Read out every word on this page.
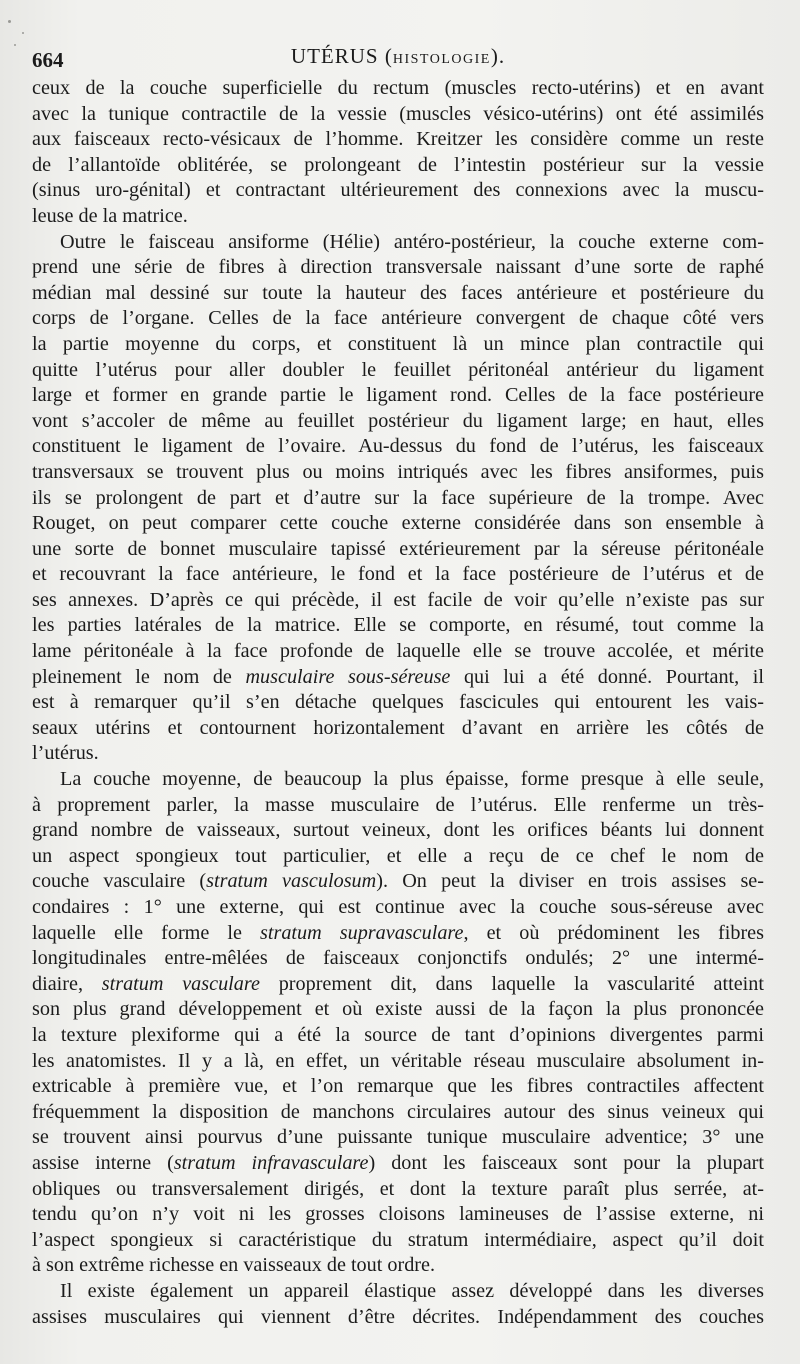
664	UTÉRUS (HISTOLOGIE).
ceux de la couche superficielle du rectum (muscles recto-utérins) et en avant
avec la tunique contractile de la vessie (muscles vésico-utérins) ont été assimilés
aux faisceaux recto-vésicaux de l’homme. Kreitzer les considère comme un reste
de l’allantoïde oblitérée, se prolongeant de l’intestin postérieur sur la vessie
(sinus uro-génital) et contractant ultérieurement des connexions avec la muscu-
leuse de la matrice.
Outre le faisceau ansiforme (Hélie) antéro-postérieur, la couche externe com-
prend une série de fibres à direction transversale naissant d’une sorte de raphé
médian mal dessiné sur toute la hauteur des faces antérieure et postérieure du
corps de l’organe. Celles de la face antérieure convergent de chaque côté vers
la partie moyenne du corps, et constituent là un mince plan contractile qui
quitte l’utérus pour aller doubler le feuillet péritonéal antérieur du ligament
large et former en grande partie le ligament rond. Celles de la face postérieure
vont s’accoler de même au feuillet postérieur du ligament large; en haut, elles
constituent le ligament de l’ovaire. Au-dessus du fond de l’utérus, les faisceaux
transversaux se trouvent plus ou moins intriqués avec les fibres ansiformes, puis
ils se prolongent de part et d’autre sur la face supérieure de la trompe. Avec
Rouget, on peut comparer cette couche externe considérée dans son ensemble à
une sorte de bonnet musculaire tapissé extérieurement par la séreuse péritonéale
et recouvrant la face antérieure, le fond et la face postérieure de l’utérus et de
ses annexes. D’après ce qui précède, il est facile de voir qu’elle n’existe pas sur
les parties latérales de la matrice. Elle se comporte, en résumé, tout comme la
lame péritonéale à la face profonde de laquelle elle se trouve accolée, et mérite
pleinement le nom de musculaire sous-séreuse qui lui a été donné. Pourtant, il
est à remarquer qu’il s’en détache quelques fascicules qui entourent les vais-
seaux utérins et contournent horizontalement d’avant en arrière les côtés de
l’utérus.
La couche moyenne, de beaucoup la plus épaisse, forme presque à elle seule,
à proprement parler, la masse musculaire de l’utérus. Elle renferme un très-
grand nombre de vaisseaux, surtout veineux, dont les orifices béants lui donnent
un aspect spongieux tout particulier, et elle a reçu de ce chef le nom de
couche vasculaire (stratum vasculosum). On peut la diviser en trois assises se-
condaires : 1° une externe, qui est continue avec la couche sous-séreuse avec
laquelle elle forme le stratum supravasculare, et où prédominent les fibres
longitudinales entre-mêlées de faisceaux conjonctifs ondulés; 2° une intermé-
diaire, stratum vasculare proprement dit, dans laquelle la vascularité atteint
son plus grand développement et où existe aussi de la façon la plus prononcée
la texture plexiforme qui a été la source de tant d’opinions divergentes parmi
les anatomistes. Il y a là, en effet, un véritable réseau musculaire absolument in-
extricable à première vue, et l’on remarque que les fibres contractiles affectent
fréquemment la disposition de manchons circulaires autour des sinus veineux qui
se trouvent ainsi pourvus d’une puissante tunique musculaire adventice; 3° une
assise interne (stratum infravasculare) dont les faisceaux sont pour la plupart
obliques ou transversalement dirigés, et dont la texture paraît plus serrée, at-
tendu qu’on n’y voit ni les grosses cloisons lamineuses de l’assise externe, ni
l’aspect spongieux si caractéristique du stratum intermédiaire, aspect qu’il doit
à son extrême richesse en vaisseaux de tout ordre.
Il existe également un appareil élastique assez développé dans les diverses
assises musculaires qui viennent d’être décrites. Indépendamment des couches
